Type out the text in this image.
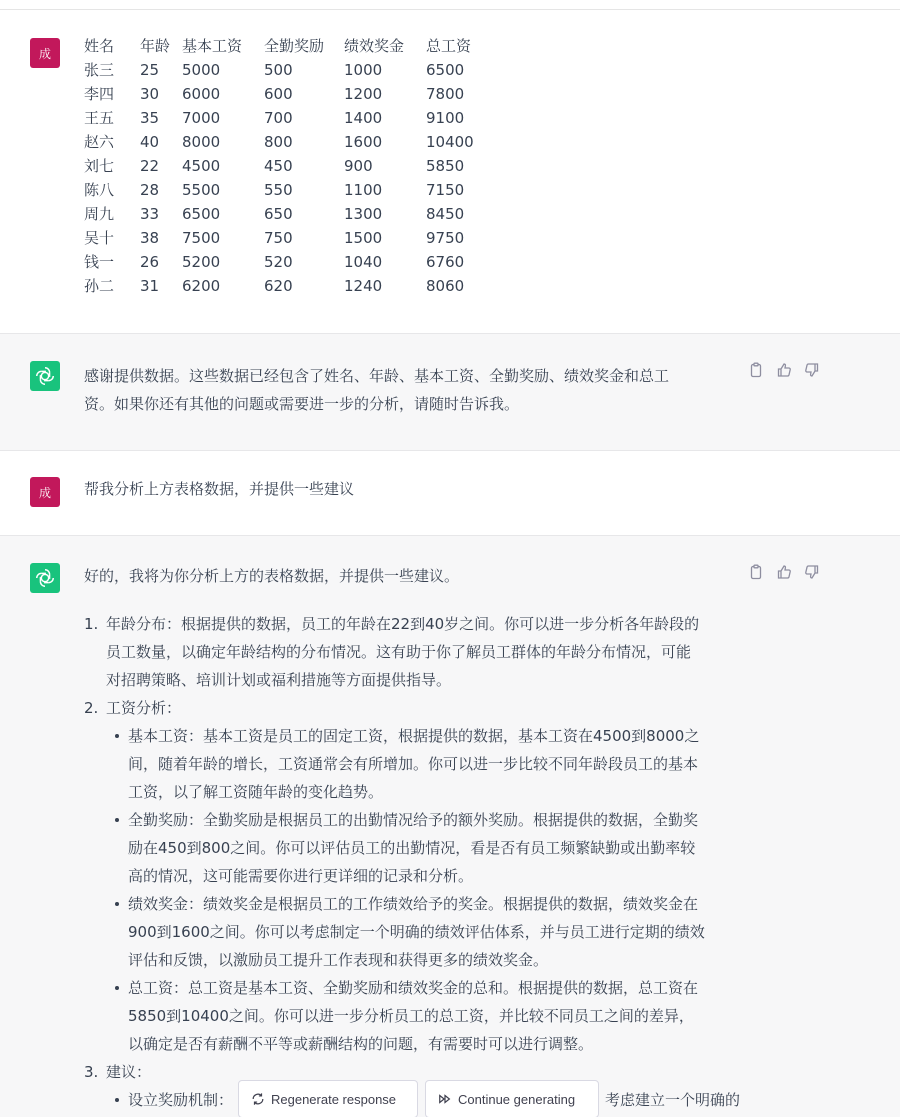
成 姓名	年龄	基本工资	全勤奖励	绩效奖金	总工资
张三	25	5000	500	1000	6500
李四	30	6000	600	1200	7800
王五	35	7000	700	1400	9100
赵六	40	8000	800	1600	10400
刘七	22	4500	450	900	5850
陈八	28	5500	550	1100	7150
周九	33	6500	650	1300	8450
吴十	38	7500	750	1500	9750
钱一	26	5200	520	1040	6760
孙二	31	6200	620	1240	8060
感谢提供数据。这些数据已经包含了姓名、年龄、基本工资、全勤奖励、绩效奖金和总工
资。如果你还有其他的问题或需要进一步的分析，请随时告诉我。
成 帮我分析上方表格数据，并提供一些建议
好的，我将为你分析上方的表格数据，并提供一些建议。
1. 年龄分布：根据提供的数据，员工的年龄在22到40岁之间。你可以进一步分析各年龄段的
员工数量，以确定年龄结构的分布情况。这有助于你了解员工群体的年龄分布情况，可能
对招聘策略、培训计划或福利措施等方面提供指导。
2. 工资分析：
基本工资：基本工资是员工的固定工资，根据提供的数据，基本工资在4500到8000之
间，随着年龄的增长，工资通常会有所增加。你可以进一步比较不同年龄段员工的基本
工资，以了解工资随年龄的变化趋势。
全勤奖励：全勤奖励是根据员工的出勤情况给予的额外奖励。根据提供的数据，全勤奖
励在450到800之间。你可以评估员工的出勤情况，看是否有员工频繁缺勤或出勤率较
高的情况，这可能需要你进行更详细的记录和分析。
绩效奖金：绩效奖金是根据员工的工作绩效给予的奖金。根据提供的数据，绩效奖金在
900到1600之间。你可以考虑制定一个明确的绩效评估体系，并与员工进行定期的绩效
评估和反馈，以激励员工提升工作表现和获得更多的绩效奖金。
总工资：总工资是基本工资、全勤奖励和绩效奖金的总和。根据提供的数据，总工资在
5850到10400之间。你可以进一步分析员工的总工资，并比较不同员工之间的差异，
以确定是否有薪酬不平等或薪酬结构的问题，有需要时可以进行调整。
3. 建议：
设立奖励机制：	考虑建立一个明确的
Regenerate response	Continue generating
